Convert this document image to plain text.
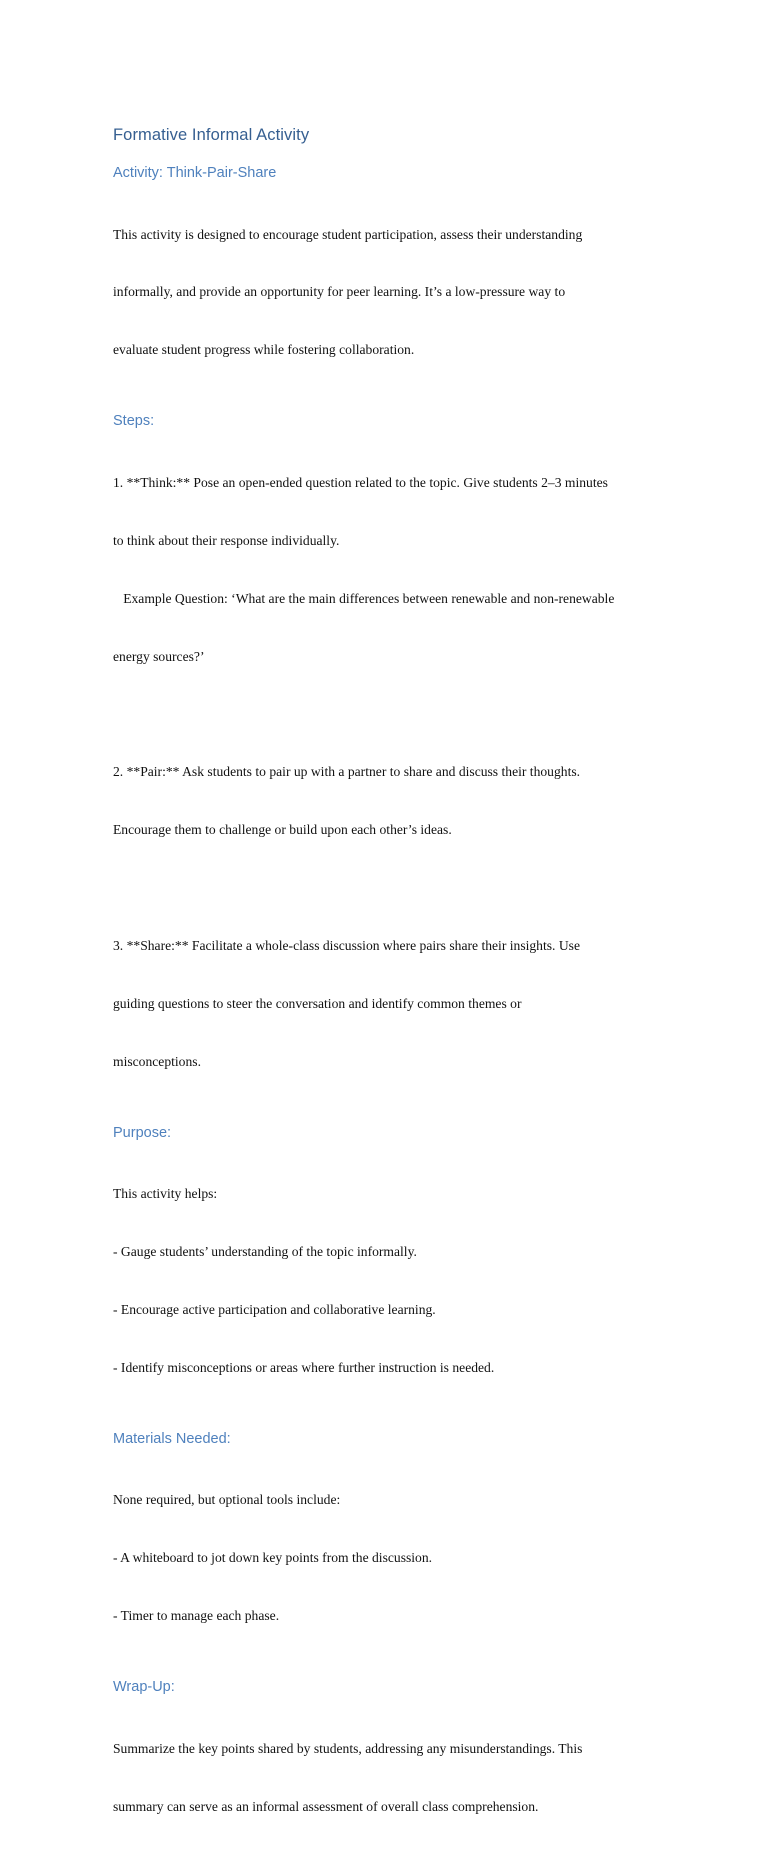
Formative Informal Activity
Activity: Think-Pair-Share

This activity is designed to encourage student participation, assess their understanding

informally, and provide an opportunity for peer learning. It’s a low-pressure way to

evaluate student progress while fostering collaboration.

Steps:

1. **Think:** Pose an open-ended question related to the topic. Give students 2–3 minutes

to think about their response individually.

Example Question: ‘What are the main differences between renewable and non-renewable

energy sources?’

2. **Pair:** Ask students to pair up with a partner to share and discuss their thoughts.

Encourage them to challenge or build upon each other’s ideas.

3. **Share:** Facilitate a whole-class discussion where pairs share their insights. Use

guiding questions to steer the conversation and identify common themes or

misconceptions.

Purpose:

This activity helps:

- Gauge students’ understanding of the topic informally.

- Encourage active participation and collaborative learning.

- Identify misconceptions or areas where further instruction is needed.

Materials Needed:

None required, but optional tools include:

- A whiteboard to jot down key points from the discussion.

- Timer to manage each phase.

Wrap-Up:

Summarize the key points shared by students, addressing any misunderstandings. This

summary can serve as an informal assessment of overall class comprehension.
